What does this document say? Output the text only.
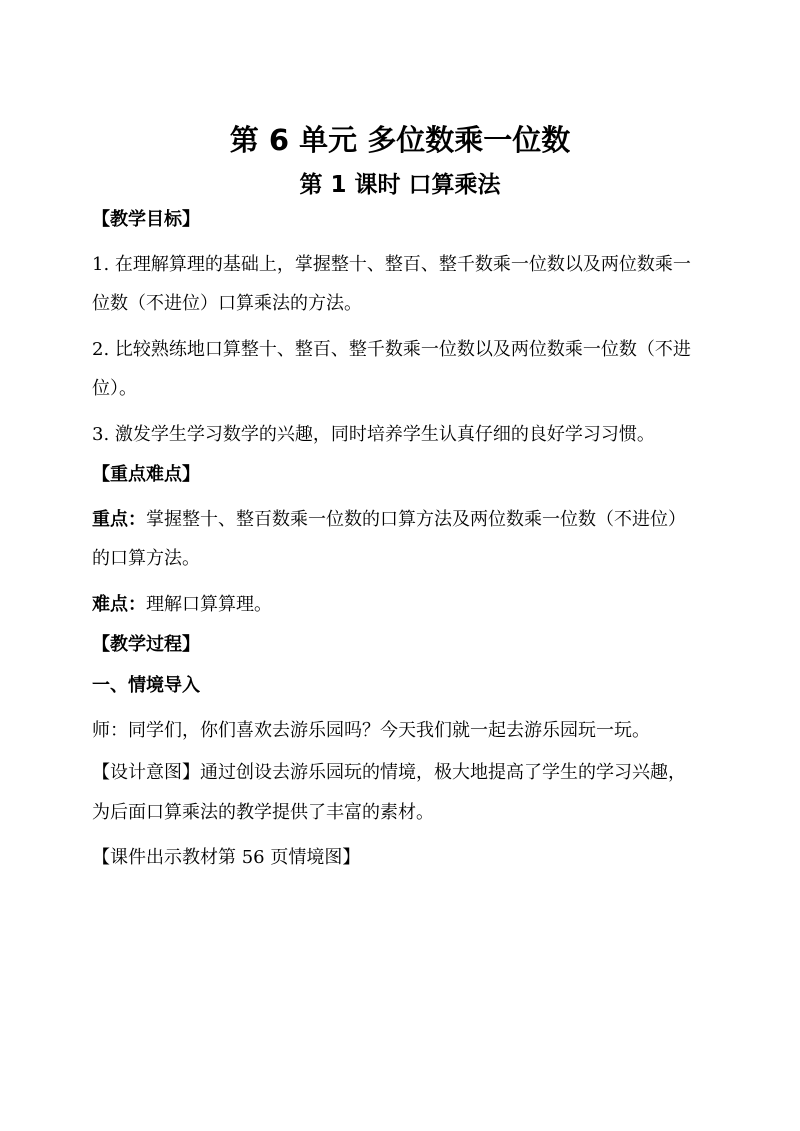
第 6 单元 多位数乘一位数
第 1 课时 口算乘法

【教学目标】

1. 在理解算理的基础上，掌握整十、整百、整千数乘一位数以及两位数乘一

位数（不进位）口算乘法的方法。

2. 比较熟练地口算整十、整百、整千数乘一位数以及两位数乘一位数（不进

位）。

3. 激发学生学习数学的兴趣，同时培养学生认真仔细的良好学习习惯。

【重点难点】

重点：掌握整十、整百数乘一位数的口算方法及两位数乘一位数（不进位）

的口算方法。

难点：理解口算算理。

【教学过程】

一、情境导入

师：同学们，你们喜欢去游乐园吗？今天我们就一起去游乐园玩一玩。

【设计意图】通过创设去游乐园玩的情境，极大地提高了学生的学习兴趣，

为后面口算乘法的教学提供了丰富的素材。

【课件出示教材第 56 页情境图】
